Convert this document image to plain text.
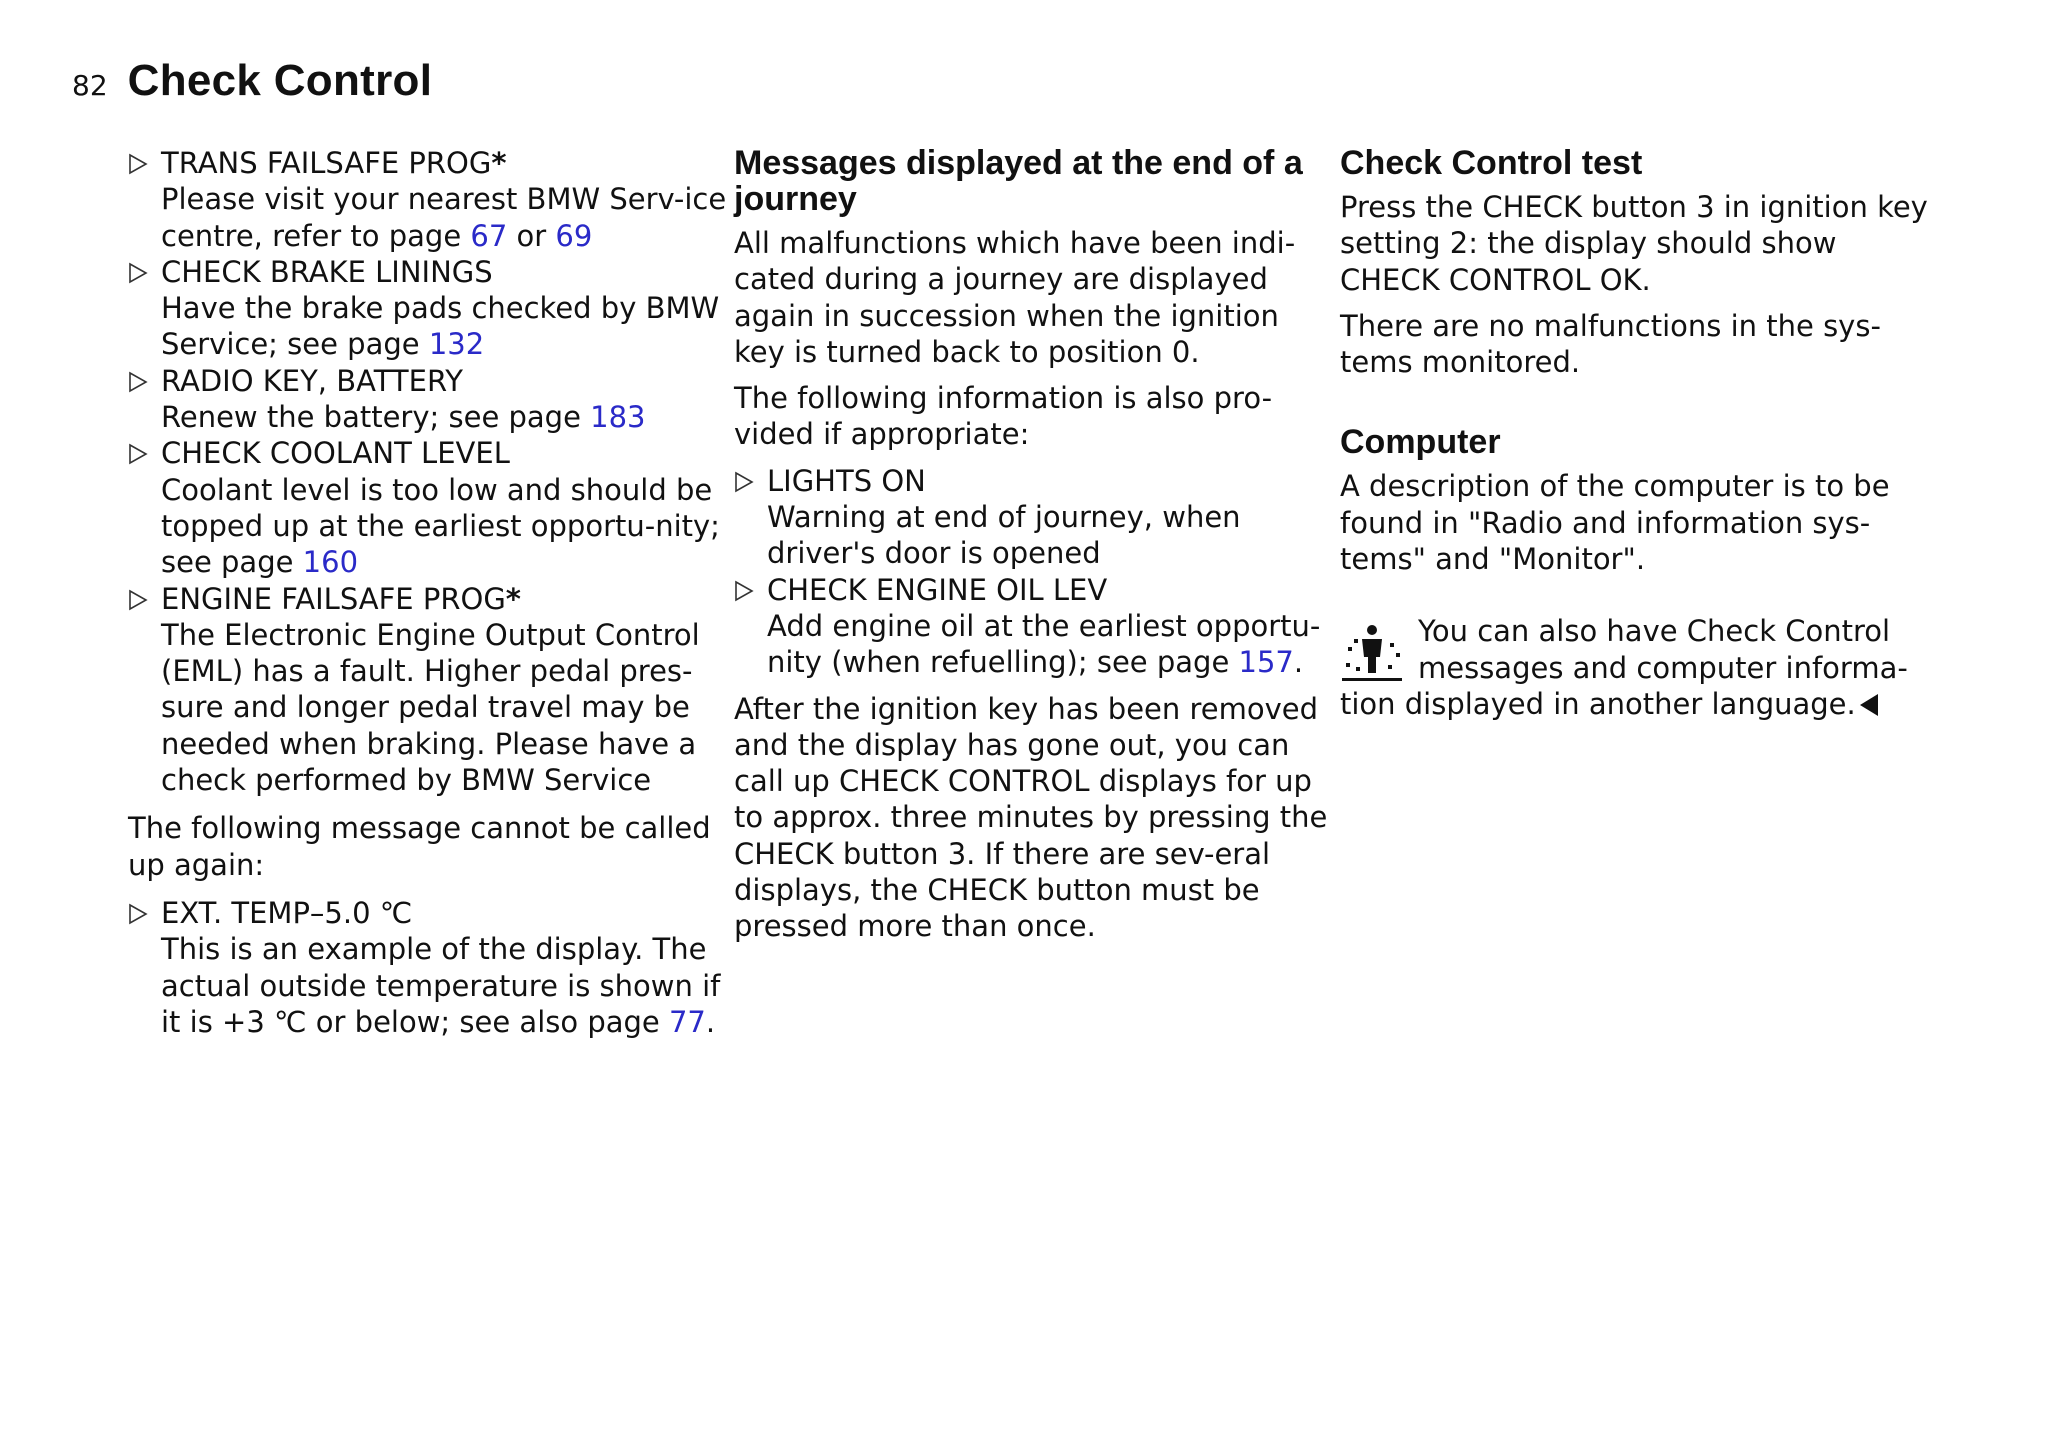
82 Check Control
TRANS FAILSAFE PROG*
Please visit your nearest BMW Serv-ice centre, refer to page 67 or 69
CHECK BRAKE LININGS
Have the brake pads checked by BMW Service; see page 132
RADIO KEY, BATTERY
Renew the battery; see page 183
CHECK COOLANT LEVEL
Coolant level is too low and should be topped up at the earliest opportu-nity; see page 160
ENGINE FAILSAFE PROG*
The Electronic Engine Output Control (EML) has a fault. Higher pedal pres-sure and longer pedal travel may be needed when braking. Please have a check performed by BMW Service

The following message cannot be called up again:

EXT. TEMP–5.0 ℃
This is an example of the display. The actual outside temperature is shown if it is +3 ℃ or below; see also page 77.
Messages displayed at the end of a journey

All malfunctions which have been indi-cated during a journey are displayed again in succession when the ignition key is turned back to position 0.

The following information is also pro-vided if appropriate:

LIGHTS ON
Warning at end of journey, when driver's door is opened
CHECK ENGINE OIL LEV
Add engine oil at the earliest opportu-nity (when refuelling); see page 157.

After the ignition key has been removed and the display has gone out, you can call up CHECK CONTROL displays for up to approx. three minutes by pressing the CHECK button 3. If there are sev-eral displays, the CHECK button must be pressed more than once.

Check Control test

Press the CHECK button 3 in ignition key setting 2: the display should show CHECK CONTROL OK.

There are no malfunctions in the sys-tems monitored.

Computer

A description of the computer is to be found in "Radio and information sys-tems" and "Monitor".

You can also have Check Control
messages and computer informa-
tion displayed in another language.
